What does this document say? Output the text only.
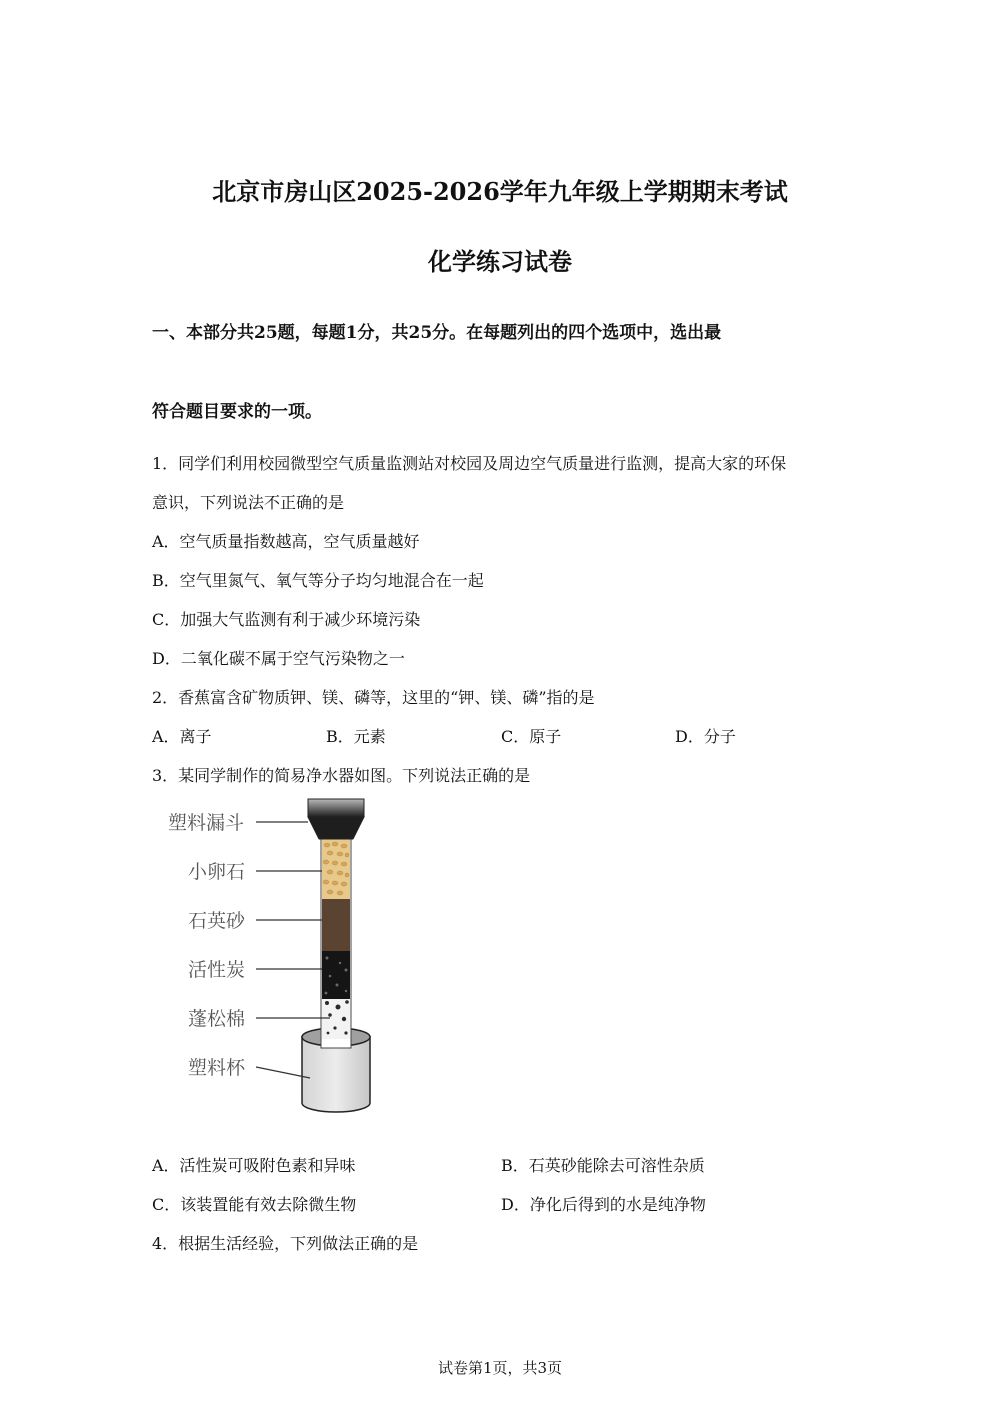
北京市房山区2025-2026学年九年级上学期期末考试
化学练习试卷
一、本部分共25题，每题1分，共25分。在每题列出的四个选项中，选出最
符合题目要求的一项。
1．同学们利用校园微型空气质量监测站对校园及周边空气质量进行监测，提高大家的环保
意识，下列说法不正确的是
A．空气质量指数越高，空气质量越好
B．空气里氮气、氧气等分子均匀地混合在一起
C．加强大气监测有利于减少环境污染
D．二氧化碳不属于空气污染物之一
2．香蕉富含矿物质钾、镁、磷等，这里的“钾、镁、磷”指的是
A．离子	B．元素	C．原子	D．分子
3．某同学制作的简易净水器如图。下列说法正确的是
塑料漏斗
小卵石
石英砂
活性炭
蓬松棉
塑料杯
A．活性炭可吸附色素和异味	B．石英砂能除去可溶性杂质
C．该装置能有效去除微生物	D．净化后得到的水是纯净物
4．根据生活经验，下列做法正确的是
试卷第1页，共3页
